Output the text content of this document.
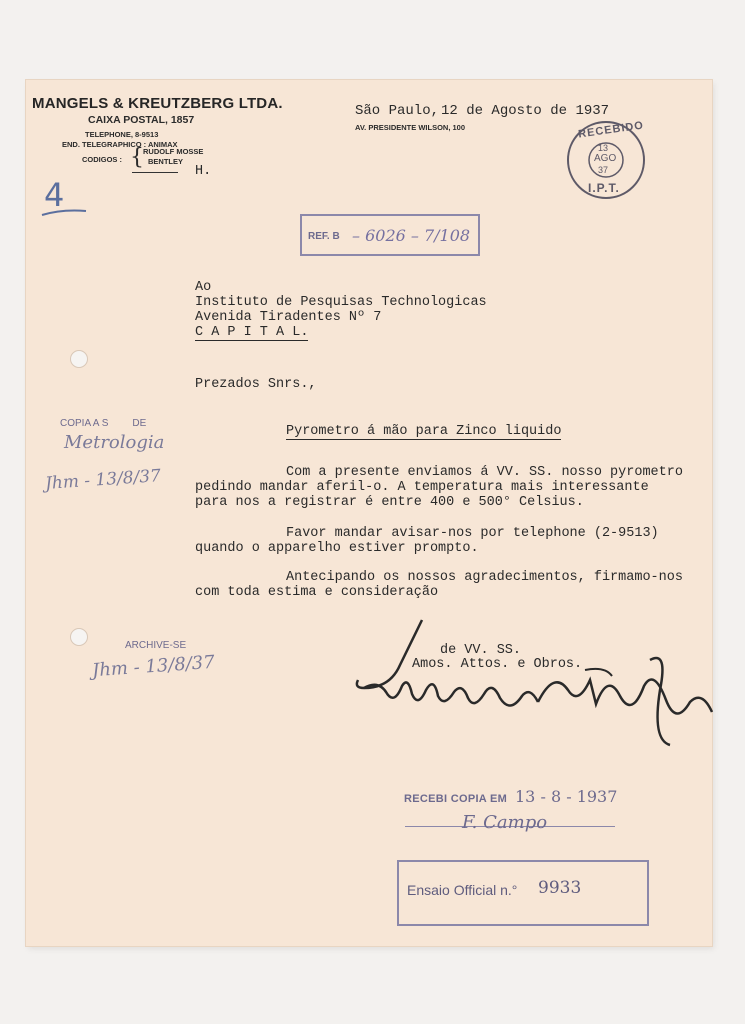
MANGELS & KREUTZBERG LTDA.
CAIXA POSTAL, 1857
TELEPHONE, 8-9513
END. TELEGRAPHICO : ANIMAX
CODIGOS : { RUDOLF MOSSE
BENTLEY
H.
São Paulo, 12 de Agosto de 1937
AV. PRESIDENTE WILSON, 100
4
RECEBIDO
13
AGO
37
I.P.T.
REF. B – 6026 – 7/108
Ao
Instituto de Pesquisas Technologicas
Avenida Tiradentes Nº 7
C A P I T A L.
Prezados Snrs.,
COPIA A S DE
Metrologia
Jhm - 13/8/37
Pyrometro á mão para Zinco liquido
Com a presente enviamos á VV. SS. nosso pyrometro
pedindo mandar aferil-o. A temperatura mais interessante
para nos a registrar é entre 400 e 500° Celsius.
Favor mandar avisar-nos por telephone (2-9513)
quando o apparelho estiver prompto.
Antecipando os nossos agradecimentos, firmamo-nos
com toda estima e consideração
ARCHIVE-SE
Jhm - 13/8/37
de VV. SS.
Amos. Attos. e Obros.
RECEBI COPIA EM 13 - 8 - 1937
F. Campo
Ensaio Official n.° 9933
